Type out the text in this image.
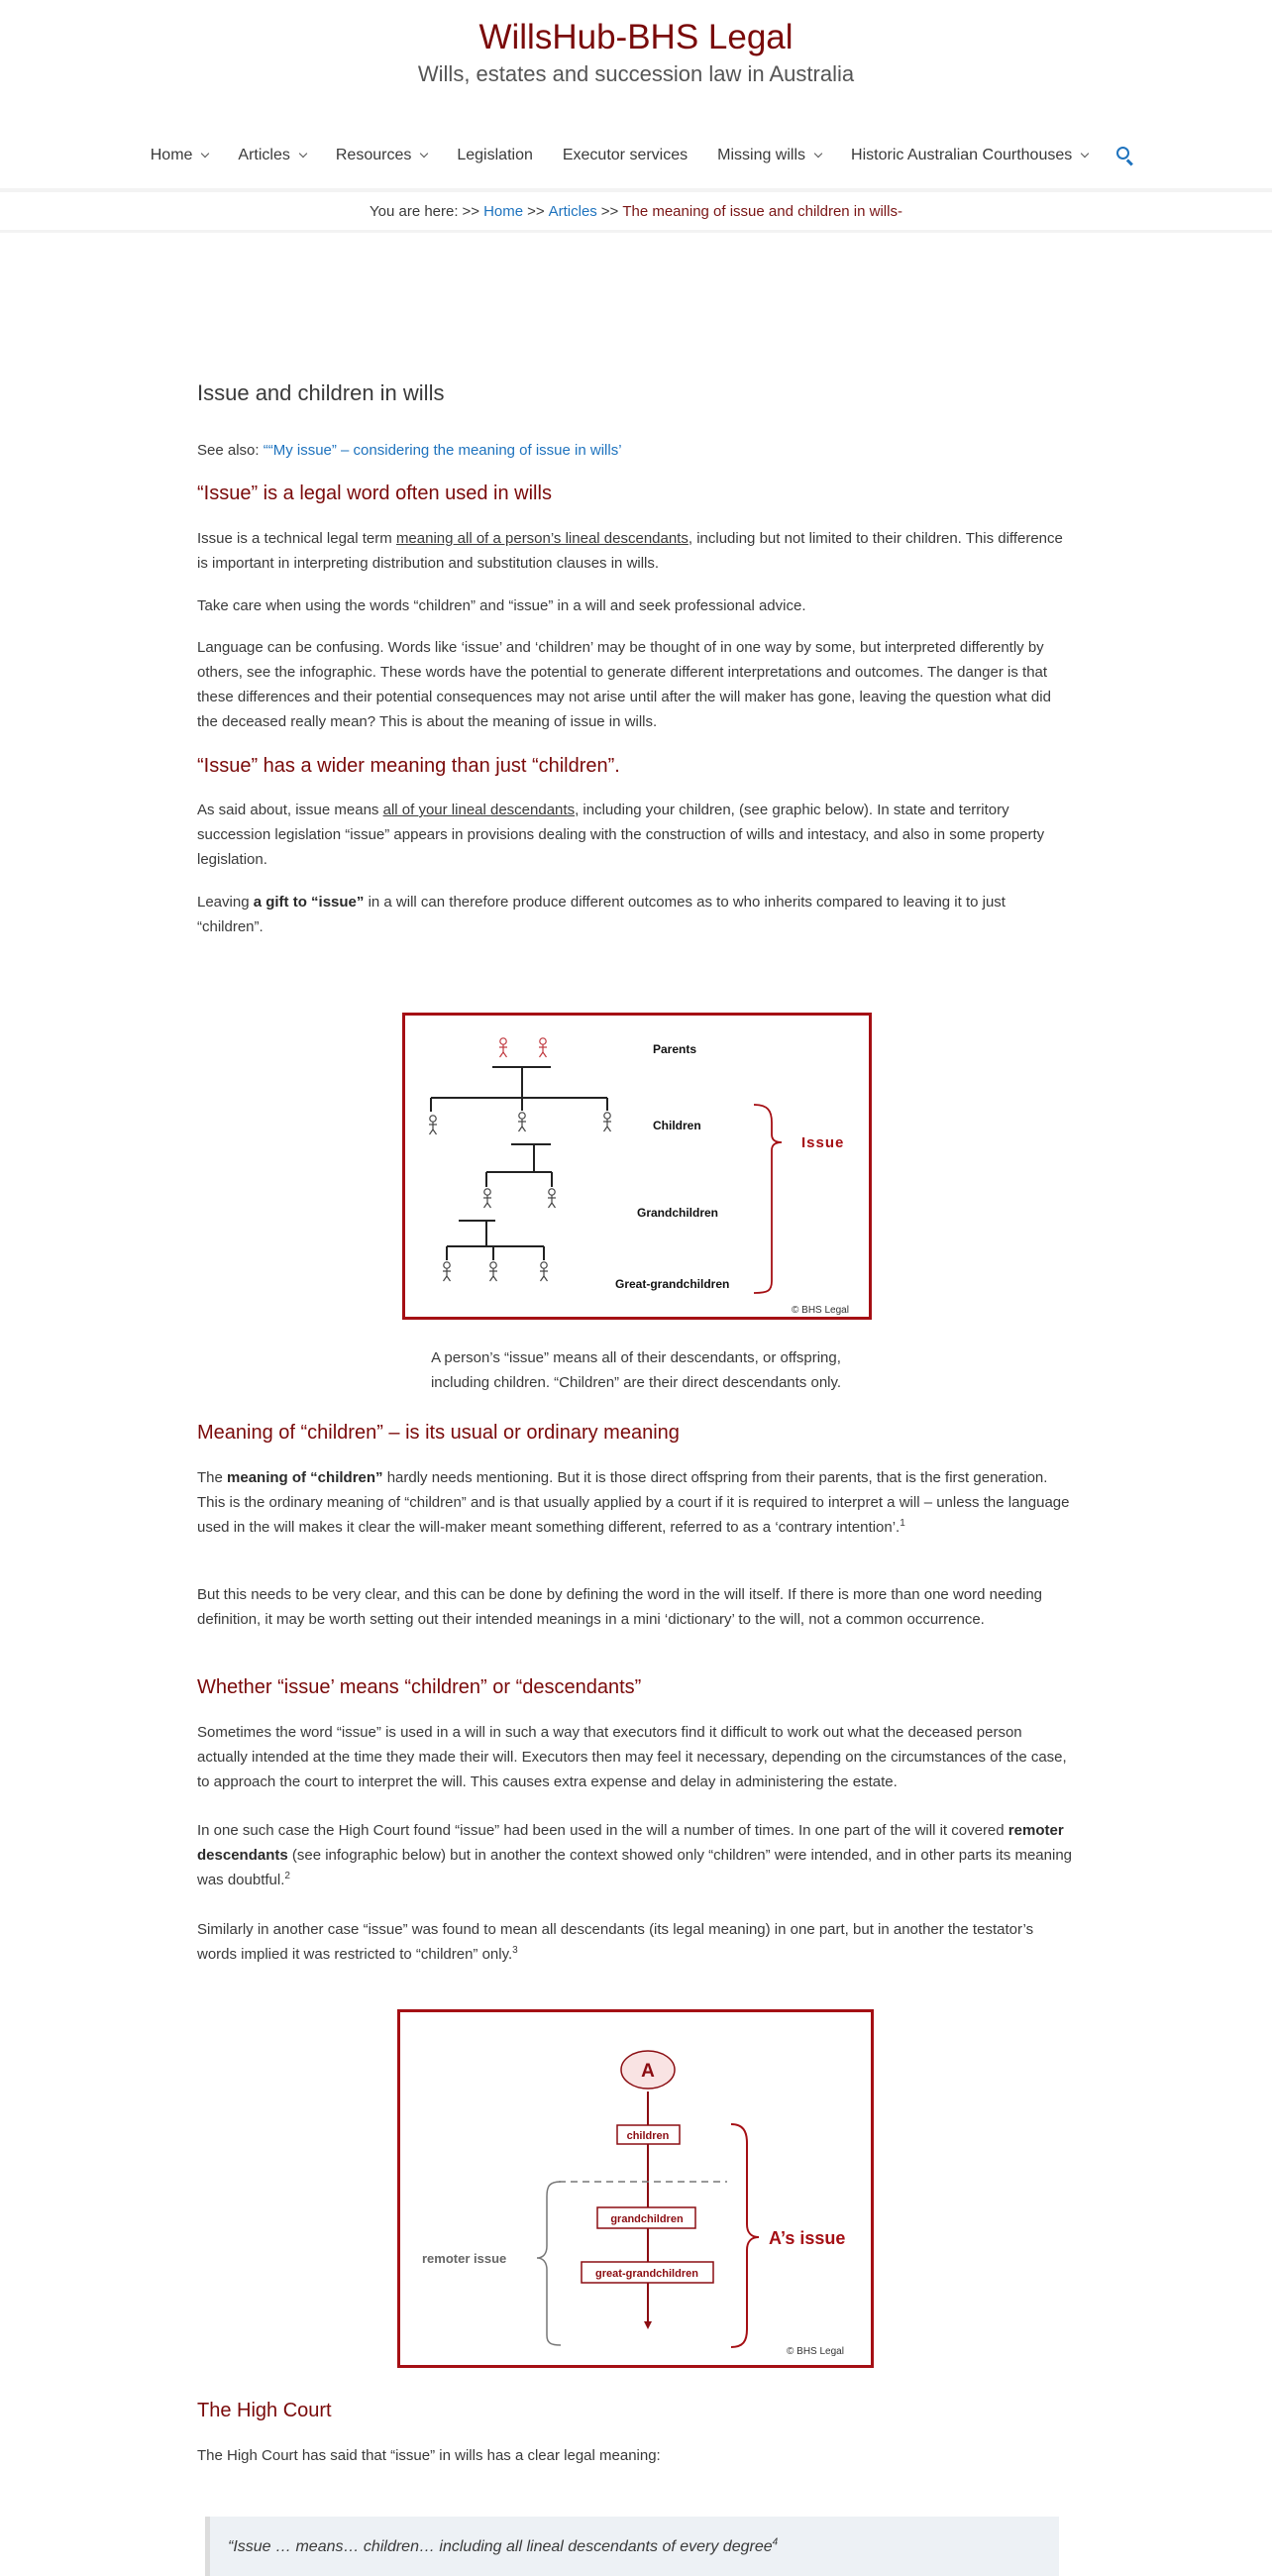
WillsHub-BHS Legal
Wills, estates and succession law in Australia
Home	Articles	Resources	Legislation Executor services Missing wills	Historic Australian Courthouses
You are here: >> Home >> Articles >> The meaning of issue and children in wills-
Issue and children in wills

See also: ““My issue” – considering the meaning of issue in wills’

“Issue” is a legal word often used in wills

Issue is a technical legal term meaning all of a person’s lineal descendants, including but not limited to their children. This difference is important in interpreting distribution and substitution clauses in wills.

Take care when using the words “children” and “issue” in a will and seek professional advice.

Language can be confusing. Words like ‘issue’ and ‘children’ may be thought of in one way by some, but interpreted differently by others, see the infographic. These words have the potential to generate different interpretations and outcomes. The danger is that these differences and their potential consequences may not arise until after the will maker has gone, leaving the question what did the deceased really mean? This is about the meaning of issue in wills.

“Issue” has a wider meaning than just “children”.

As said about, issue means all of your lineal descendants, including your children, (see graphic below). In state and territory succession legislation “issue” appears in provisions dealing with the construction of wills and intestacy, and also in some property legislation.

Leaving a gift to “issue” in a will can therefore produce different outcomes as to who inherits compared to leaving it to just “children”.

Parents
Children
Grandchildren
Great-grandchildren
Issue
© BHS Legal

A person’s “issue” means all of their descendants, or offspring,
including children. “Children” are their direct descendants only.

Meaning of “children” – is its usual or ordinary meaning

The meaning of “children” hardly needs mentioning. But it is those direct offspring from their parents, that is the first generation. This is the ordinary meaning of “children” and is that usually applied by a court if it is required to interpret a will – unless the language used in the will makes it clear the will-maker meant something different, referred to as a ‘contrary intention’.$^1$

But this needs to be very clear, and this can be done by defining the word in the will itself. If there is more than one word needing definition, it may be worth setting out their intended meanings in a mini ‘dictionary’ to the will, not a common occurrence.

Whether “issue’ means “children” or “descendants”

Sometimes the word “issue” is used in a will in such a way that executors find it difficult to work out what the deceased person actually intended at the time they made their will. Executors then may feel it necessary, depending on the circumstances of the case, to approach the court to interpret the will. This causes extra expense and delay in administering the estate.

In one such case the High Court found “issue” had been used in the will a number of times. In one part of the will it covered remoter descendants (see infographic below) but in another the context showed only “children” were intended, and in other parts its meaning was doubtful.$^2$

Similarly in another case “issue” was found to mean all descendants (its legal meaning) in one part, but in another the testator’s words implied it was restricted to “children” only.$^3$

A
children
grandchildren
great-grandchildren
remoter issue
A’s issue
© BHS Legal
The High Court

The High Court has said that “issue” in wills has a clear legal meaning:

“Issue … means… children… including all lineal descendants of every degree$^4$
